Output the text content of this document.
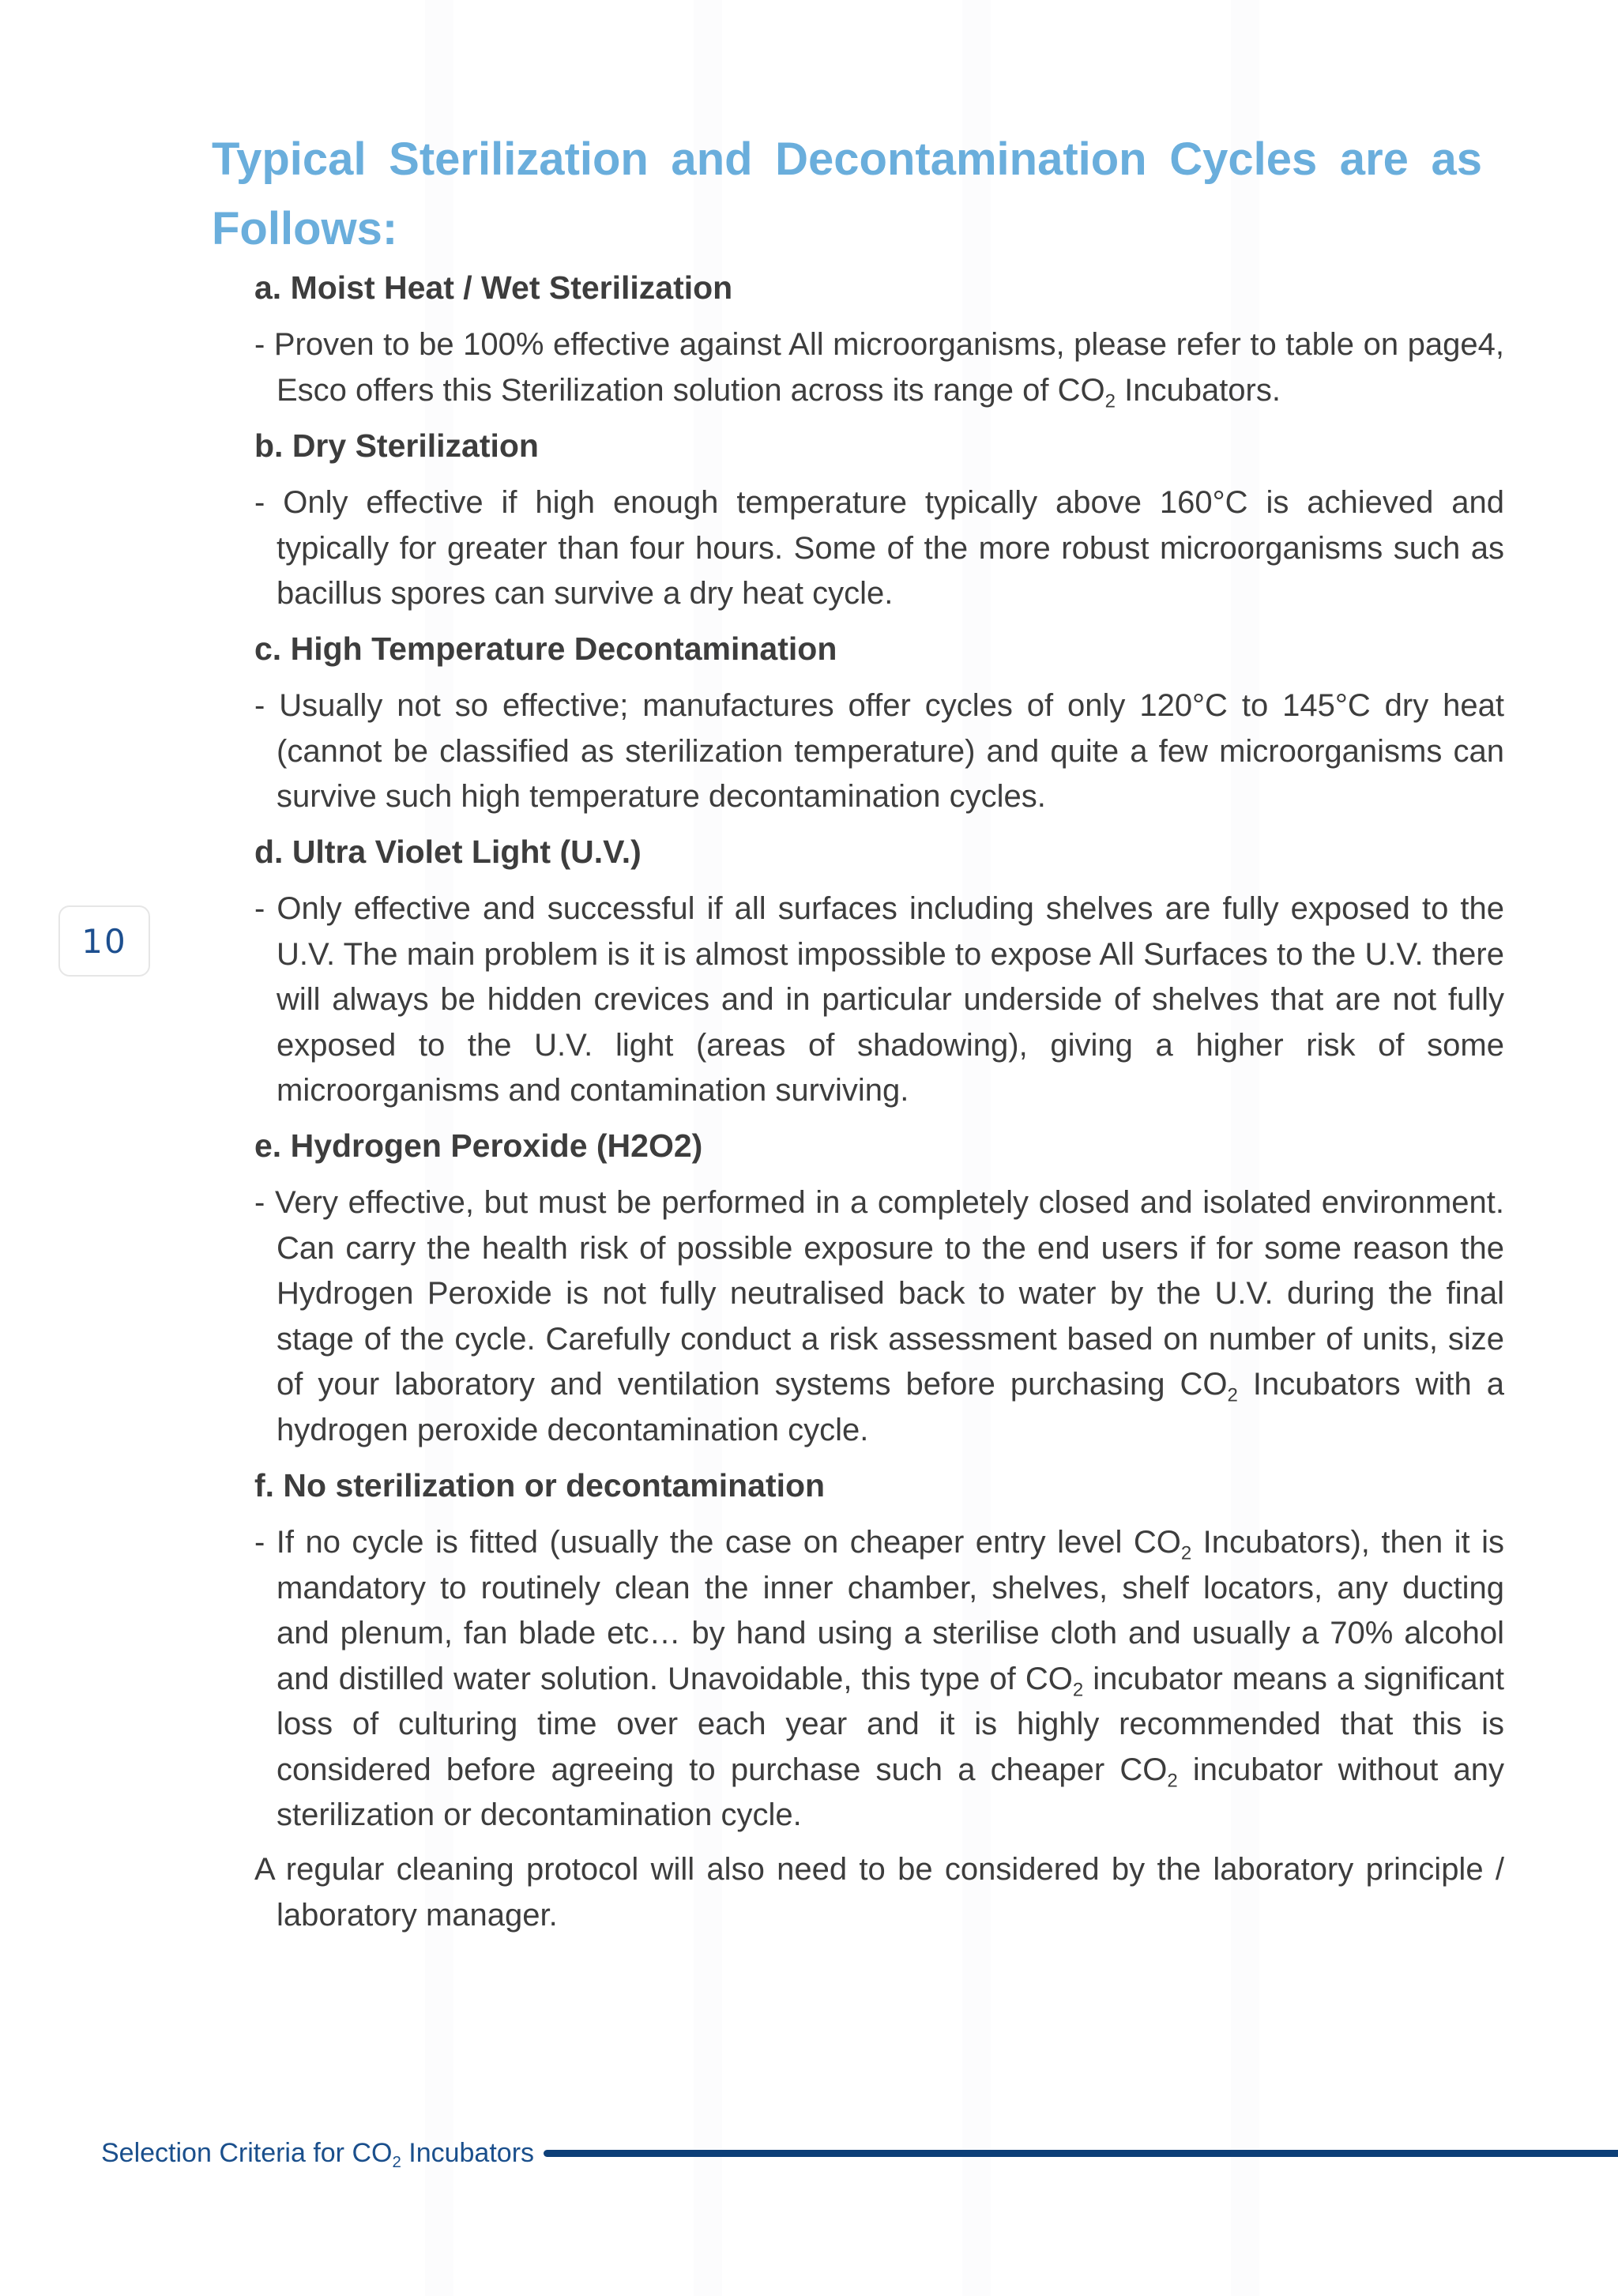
Typical Sterilization and Decontamination Cycles are as Follows:
a. Moist Heat / Wet Sterilization

- Proven to be 100% effective against All microorganisms, please refer to table on page4, Esco offers this Sterilization solution across its range of $CO_2$ Incubators.

b. Dry Sterilization

- Only effective if high enough temperature typically above 160°C is achieved and typically for greater than four hours. Some of the more robust microorganisms such as bacillus spores can survive a dry heat cycle.

c. High Temperature Decontamination

- Usually not so effective; manufactures offer cycles of only 120°C to 145°C dry heat (cannot be classified as sterilization temperature) and quite a few microorganisms can survive such high temperature decontamination cycles.

d. Ultra Violet Light (U.V.)

- Only effective and successful if all surfaces including shelves are fully exposed to the U.V. The main problem is it is almost impossible to expose All Surfaces to the U.V. there will always be hidden crevices and in particular underside of shelves that are not fully exposed to the U.V. light (areas of shadowing), giving a higher risk of some microorganisms and contamination surviving.

e. Hydrogen Peroxide (H2O2)

- Very effective, but must be performed in a completely closed and isolated environment. Can carry the health risk of possible exposure to the end users if for some reason the Hydrogen Peroxide is not fully neutralised back to water by the U.V. during the final stage of the cycle. Carefully conduct a risk assessment based on number of units, size of your laboratory and ventilation systems before purchasing $CO_2$ Incubators with a hydrogen peroxide decontamination cycle.

f. No sterilization or decontamination

- If no cycle is fitted (usually the case on cheaper entry level $CO_2$ Incubators), then it is mandatory to routinely clean the inner chamber, shelves, shelf locators, any ducting and plenum, fan blade etc… by hand using a sterilise cloth and usually a 70% alcohol and distilled water solution. Unavoidable, this type of $CO_2$ incubator means a significant loss of culturing time over each year and it is highly recommended that this is considered before agreeing to purchase such a cheaper $CO_2$ incubator without any sterilization or decontamination cycle.

A regular cleaning protocol will also need to be considered by the laboratory principle / laboratory manager.

10
Selection Criteria for $CO_2$ Incubators
